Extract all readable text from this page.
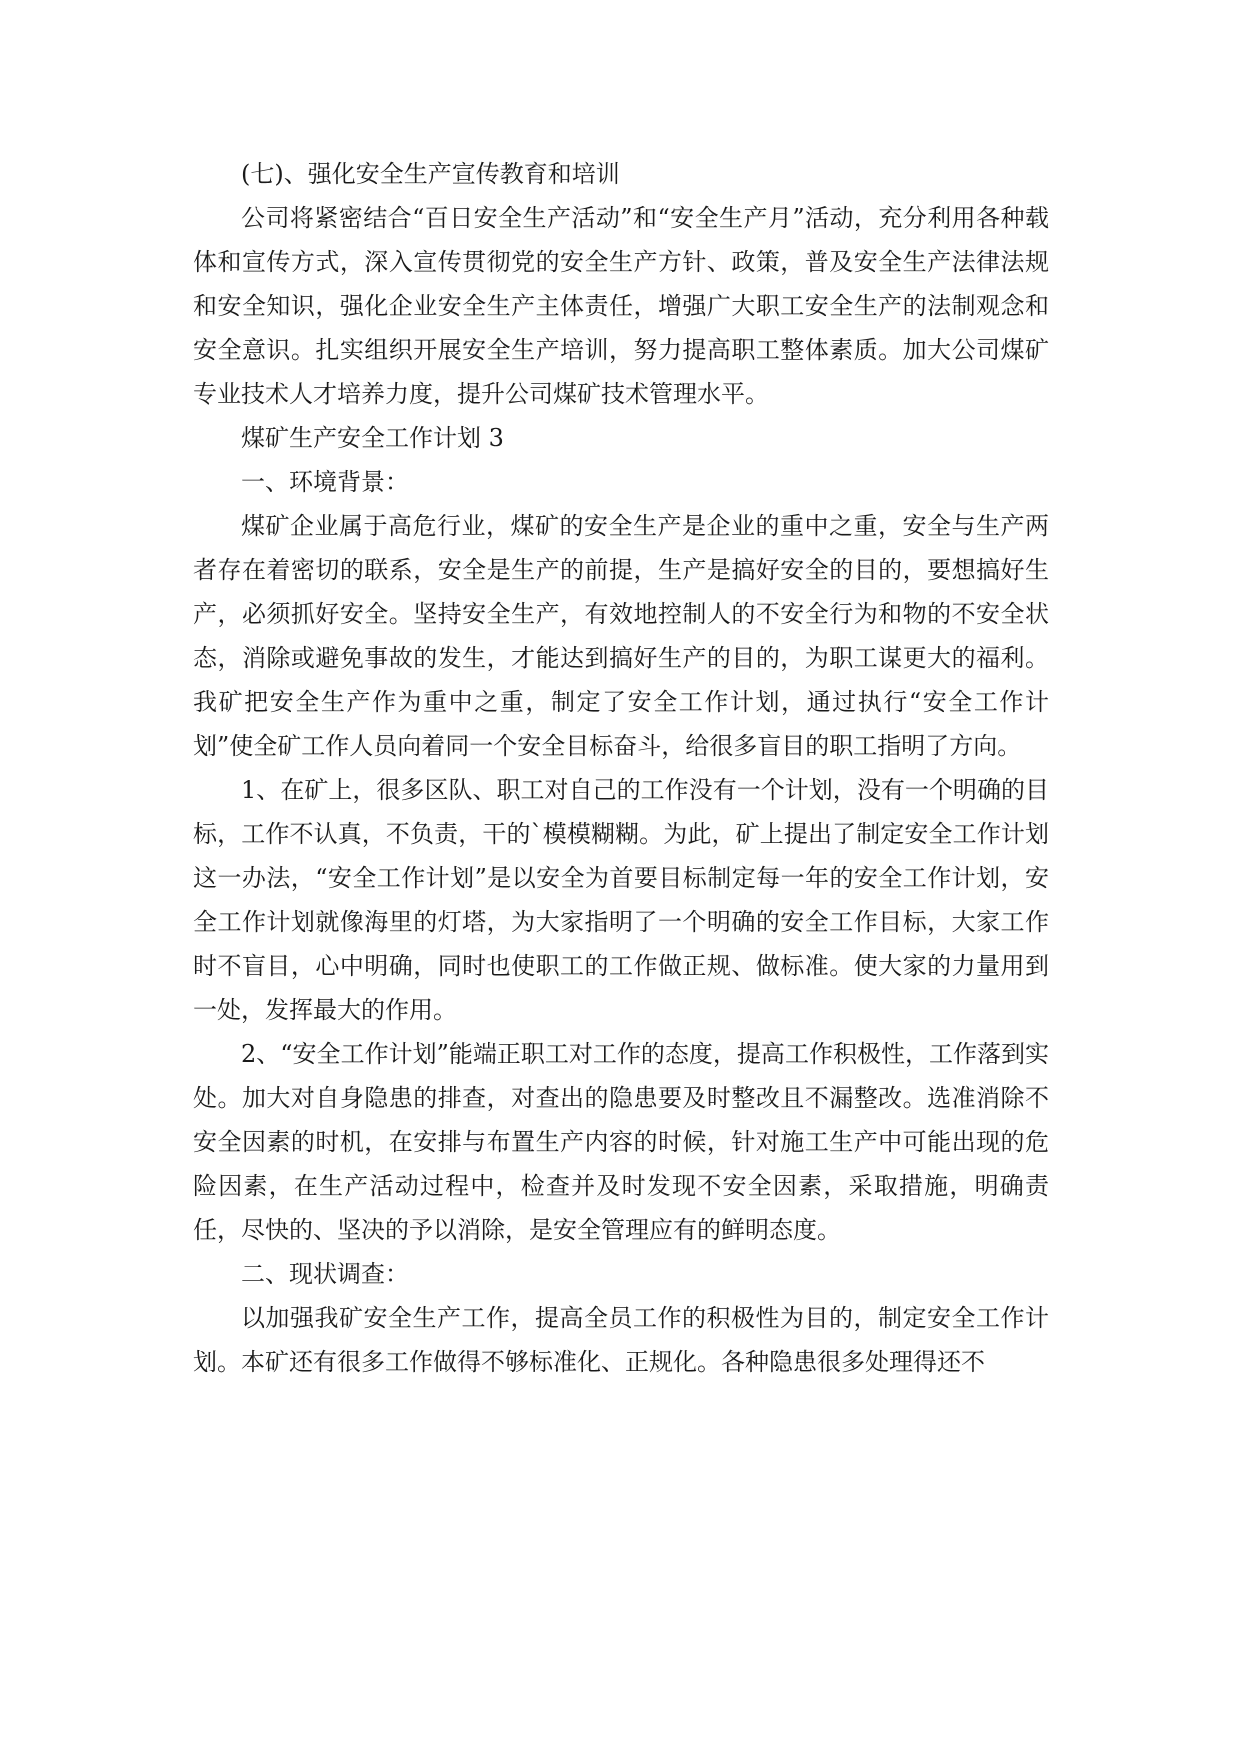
(七)、强化安全生产宣传教育和培训

公司将紧密结合“百日安全生产活动”和“安全生产月”活动，充分利用各种载体和宣传方式，深入宣传贯彻党的安全生产方针、政策，普及安全生产法律法规和安全知识，强化企业安全生产主体责任，增强广大职工安全生产的法制观念和安全意识。扎实组织开展安全生产培训，努力提高职工整体素质。加大公司煤矿专业技术人才培养力度，提升公司煤矿技术管理水平。

煤矿生产安全工作计划 3

一、环境背景：

煤矿企业属于高危行业，煤矿的安全生产是企业的重中之重，安全与生产两者存在着密切的联系，安全是生产的前提，生产是搞好安全的目的，要想搞好生产，必须抓好安全。坚持安全生产，有效地控制人的不安全行为和物的不安全状态，消除或避免事故的发生，才能达到搞好生产的目的，为职工谋更大的福利。我矿把安全生产作为重中之重，制定了安全工作计划，通过执行“安全工作计划”使全矿工作人员向着同一个安全目标奋斗，给很多盲目的职工指明了方向。

1、在矿上，很多区队、职工对自己的工作没有一个计划，没有一个明确的目标，工作不认真，不负责，干的`模模糊糊。为此，矿上提出了制定安全工作计划这一办法，“安全工作计划”是以安全为首要目标制定每一年的安全工作计划，安全工作计划就像海里的灯塔，为大家指明了一个明确的安全工作目标，大家工作时不盲目，心中明确，同时也使职工的工作做正规、做标准。使大家的力量用到一处，发挥最大的作用。

2、“安全工作计划”能端正职工对工作的态度，提高工作积极性，工作落到实处。加大对自身隐患的排查，对查出的隐患要及时整改且不漏整改。选准消除不安全因素的时机，在安排与布置生产内容的时候，针对施工生产中可能出现的危险因素，在生产活动过程中，检查并及时发现不安全因素，采取措施，明确责任，尽快的、坚决的予以消除，是安全管理应有的鲜明态度。

二、现状调查：

以加强我矿安全生产工作，提高全员工作的积极性为目的，制定安全工作计划。本矿还有很多工作做得不够标准化、正规化。各种隐患很多处理得还不
